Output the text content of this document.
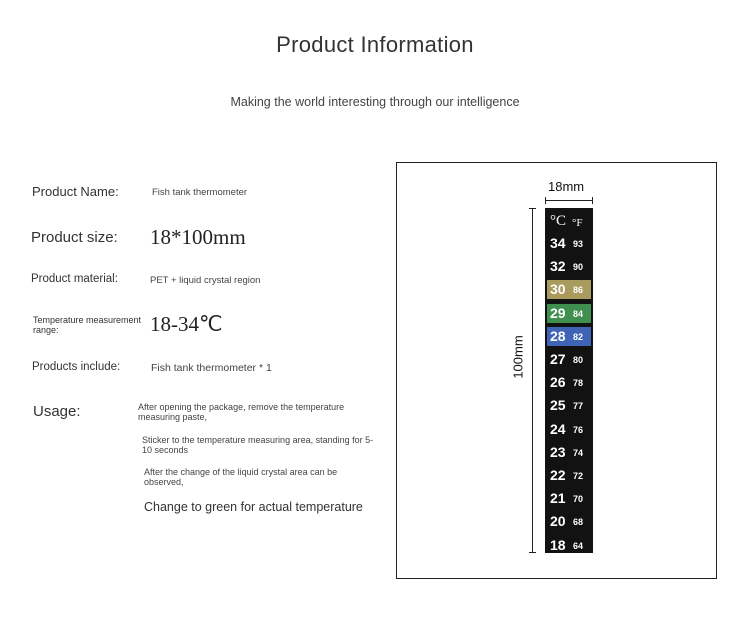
Product Information
Making the world interesting through our intelligence
Product Name:	Fish tank thermometer
Product size: 18*100mm
Product material:	PET + liquid crystal region
Temperature measurement range:	18-34℃
Products include:	Fish tank thermometer * 1
Usage:	After opening the package, remove the temperature measuring paste,
Sticker to the temperature measuring area, standing for 5-10 seconds
After the change of the liquid crystal area can be observed,
Change to green for actual temperature
18mm
100mm
°C °F
34 93
32 90
30 86
29 84
28 82
27 80
26 78
25 77
24 76
23 74
22 72
21 70
20 68
18 64
